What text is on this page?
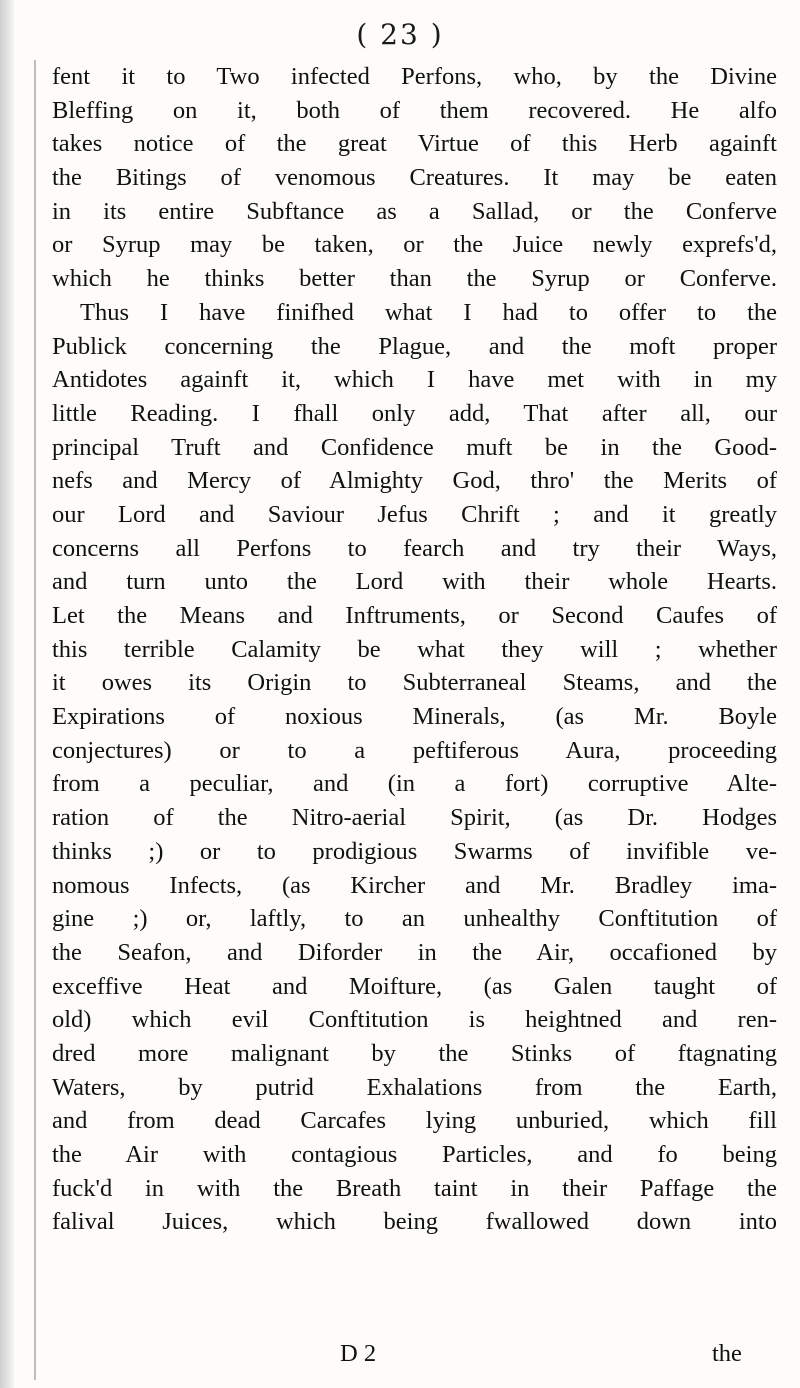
( 23 )
fent it to Two infected Perfons, who, by the Divine
Bleffing on it, both of them recovered. He alfo
takes notice of the great Virtue of this Herb againft
the Bitings of venomous Creatures. It may be eaten
in its entire Subftance as a Sallad, or the Conferve
or Syrup may be taken, or the Juice newly exprefs'd,
which he thinks better than the Syrup or Conferve.
Thus I have finifhed what I had to offer to the
Publick concerning the Plague, and the moft proper
Antidotes againft it, which I have met with in my
little Reading. I fhall only add, That after all, our
principal Truft and Confidence muft be in the Good-
nefs and Mercy of Almighty God, thro' the Merits of
our Lord and Saviour Jefus Chrift ; and it greatly
concerns all Perfons to fearch and try their Ways,
and turn unto the Lord with their whole Hearts.
Let the Means and Inftruments, or Second Caufes of
this terrible Calamity be what they will ; whether
it owes its Origin to Subterraneal Steams, and the
Expirations of noxious Minerals, (as Mr. Boyle
conjectures) or to a peftiferous Aura, proceeding
from a peculiar, and (in a fort) corruptive Alte-
ration of the Nitro-aerial Spirit, (as Dr. Hodges
thinks ;) or to prodigious Swarms of invifible ve-
nomous Infects, (as Kircher and Mr. Bradley ima-
gine ;) or, laftly, to an unhealthy Conftitution of
the Seafon, and Diforder in the Air, occafioned by
exceffive Heat and Moifture, (as Galen taught of
old) which evil Conftitution is heightned and ren-
dred more malignant by the Stinks of ftagnating
Waters, by putrid Exhalations from the Earth,
and from dead Carcafes lying unburied, which fill
the Air with contagious Particles, and fo being
fuck'd in with the Breath taint in their Paffage the
falival Juices, which being fwallowed down into
D 2	the
